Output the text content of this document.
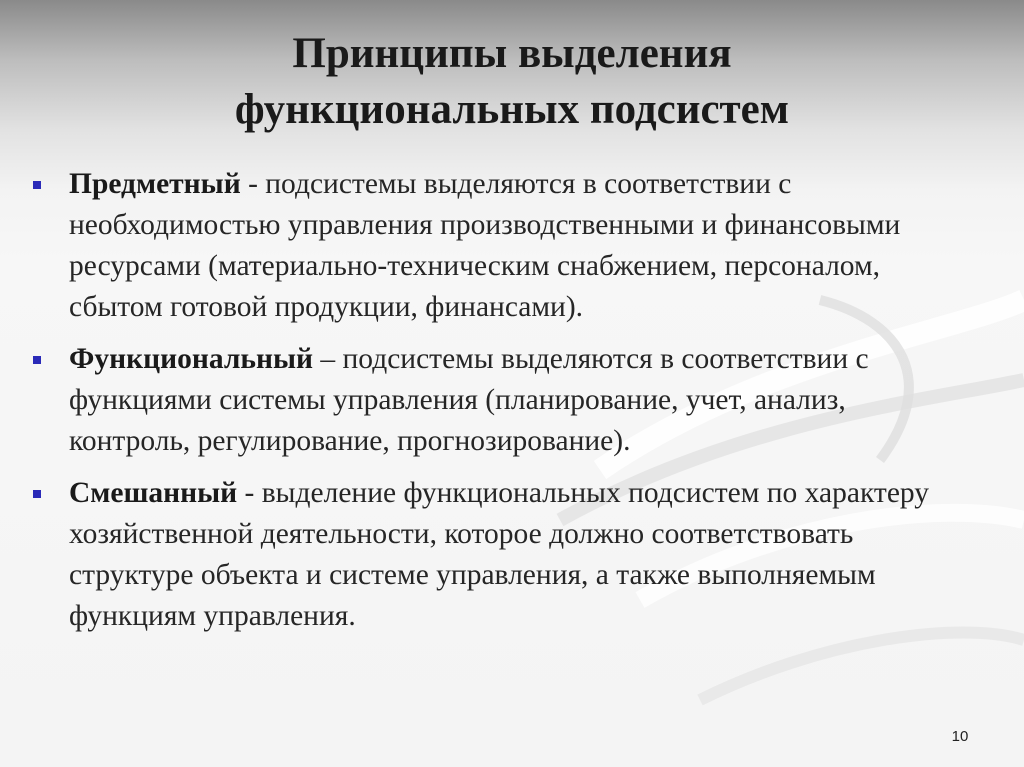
Принципы выделения
функциональных подсистем
Предметный - подсистемы выделяются в соответствии с необходимостью управления производственными и финансовыми ресурсами (материально-техническим снабжением, персоналом, сбытом готовой продукции, финансами).
Функциональный – подсистемы выделяются в соответствии с функциями системы управления (планирование, учет, анализ, контроль, регулирование, прогнозирование).
Смешанный - выделение функциональных подсистем по характеру хозяйственной деятельности, которое должно соответствовать структуре объекта и системе управления, а также выполняемым функциям управления.
10
